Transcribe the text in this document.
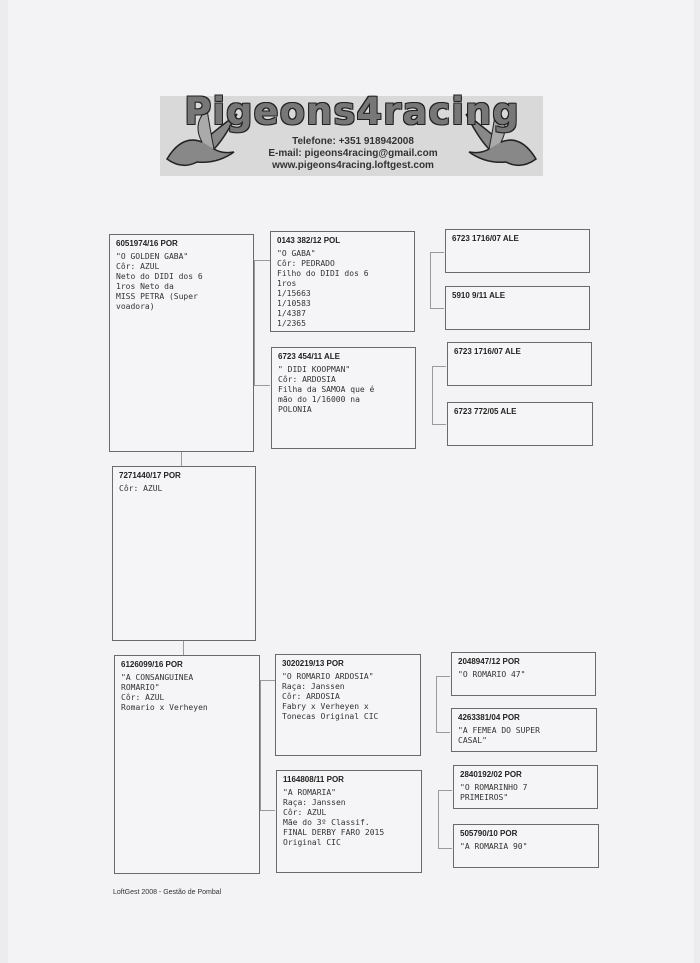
Pigeons4racing
Telefone: +351 918942008
E-mail: pigeons4racing@gmail.com
www.pigeons4racing.loftgest.com
6051974/16 POR
"O GOLDEN GABA"
Côr: AZUL
Neto do DIDI dos 6
1ros Neto da
MISS PETRA (Super
voadora)
0143 382/12 POL
"O GABA"
Côr: PEDRADO
Filho do DIDI dos 6
1ros
1/15663
1/10583
1/4387
1/2365
6723 454/11 ALE
" DIDI KOOPMAN"
Côr: ARDOSIA
Filha da SAMOA que é
mão do 1/16000 na
POLONIA
6723 1716/07 ALE
5910 9/11 ALE
6723 1716/07 ALE
6723 772/05 ALE
7271440/17 POR
Côr: AZUL
6126099/16 POR
"A CONSANGUINEA
ROMARIO"
Côr: AZUL
Romario x Verheyen
3020219/13 POR
"O ROMARIO ARDOSIA"
Raça: Janssen
Côr: ARDOSIA
Fabry x Verheyen x
Tonecas Original CIC
1164808/11 POR
"A ROMARIA"
Raça: Janssen
Côr: AZUL
Mãe do 3º Classif.
FINAL DERBY FARO 2015
Original CIC
2048947/12 POR
"O ROMARIO 47"
4263381/04 POR
"A FEMEA DO SUPER
CASAL"
2840192/02 POR
"O ROMARINHO 7
PRIMEIROS"
505790/10 POR
"A ROMARIA 90"
LoftGest 2008 - Gestão de Pombal
